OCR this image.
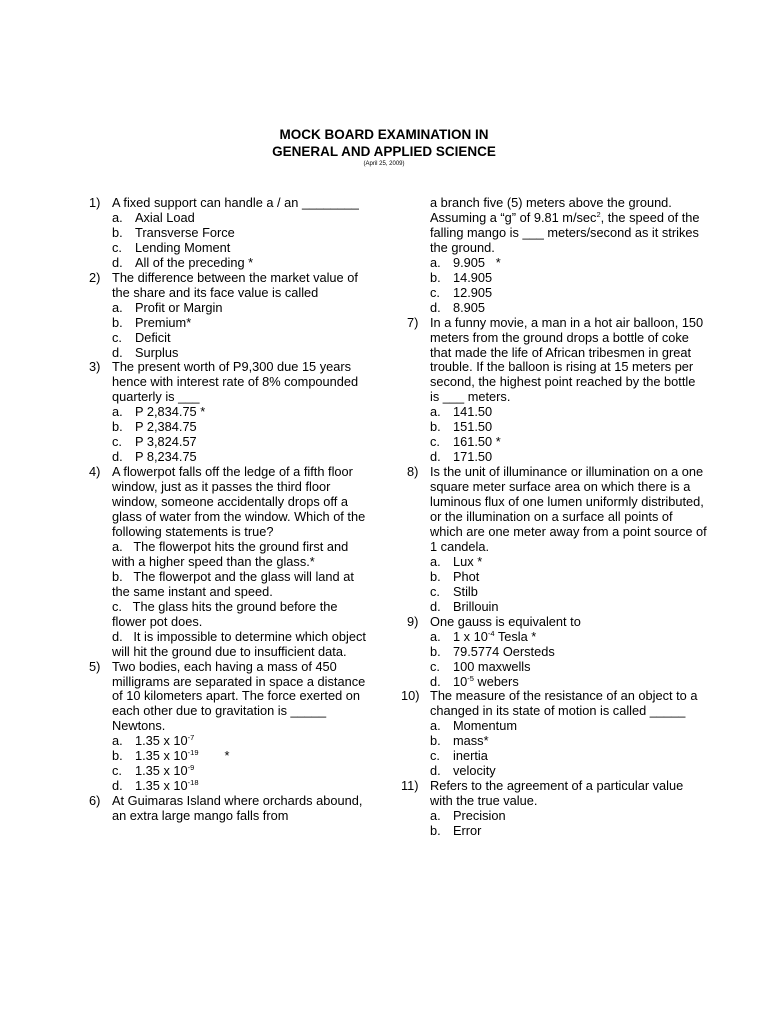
MOCK BOARD EXAMINATION IN
GENERAL AND APPLIED SCIENCE
(April 25, 2009)
1) A fixed support can handle a / an ________
a. Axial Load
b. Transverse Force
c. Lending Moment
d. All of the preceding *
2) The difference between the market value of the share and its face value is called
a. Profit or Margin
b. Premium*
c. Deficit
d. Surplus
3) The present worth of P9,300 due 15 years hence with interest rate of 8% compounded quarterly is ___
a. P 2,834.75 *
b. P 2,384.75
c. P 3,824.57
d. P 8,234.75
4) A flowerpot falls off the ledge of a fifth floor window, just as it passes the third floor window, someone accidentally drops off a glass of water from the window. Which of the following statements is true?
a. The flowerpot hits the ground first and with a higher speed than the glass.*
b. The flowerpot and the glass will land at the same instant and speed.
c. The glass hits the ground before the flower pot does.
d. It is impossible to determine which object will hit the ground due to insufficient data.
5) Two bodies, each having a mass of 450 milligrams are separated in space a distance of 10 kilometers apart. The force exerted on each other due to gravitation is _____ Newtons.
a. 1.35 x $10^{-7}$
b. 1.35 x $10^{-19}$ *
c. 1.35 x $10^{-9}$
d. 1.35 x $10^{-18}$
6) At Guimaras Island where orchards abound, an extra large mango falls from
a branch five (5) meters above the ground. Assuming a “g” of 9.81 $m/\sec^2$, the speed of the falling mango is ___ meters/second as it strikes the ground.
a. 9.905   *
b. 14.905
c. 12.905
d. 8.905
7) In a funny movie, a man in a hot air balloon, 150 meters from the ground drops a bottle of coke that made the life of African tribesmen in great trouble. If the balloon is rising at 15 meters per second, the highest point reached by the bottle is ___ meters.
a. 141.50
b. 151.50
c. 161.50 *
d. 171.50
8) Is the unit of illuminance or illumination on a one square meter surface area on which there is a luminous flux of one lumen uniformly distributed, or the illumination on a surface all points of which are one meter away from a point source of 1 candela.
a. Lux *
b. Phot
c. Stilb
d. Brillouin
9) One gauss is equivalent to
a. 1 x $10^{-4}$ Tesla *
b. 79.5774 Oersteds
c. 100 maxwells
d. $10^{-5}$ webers
10) The measure of the resistance of an object to a changed in its state of motion is called _____
a. Momentum
b. mass*
c. inertia
d. velocity
11) Refers to the agreement of a particular value with the true value.
a. Precision
b. Error
